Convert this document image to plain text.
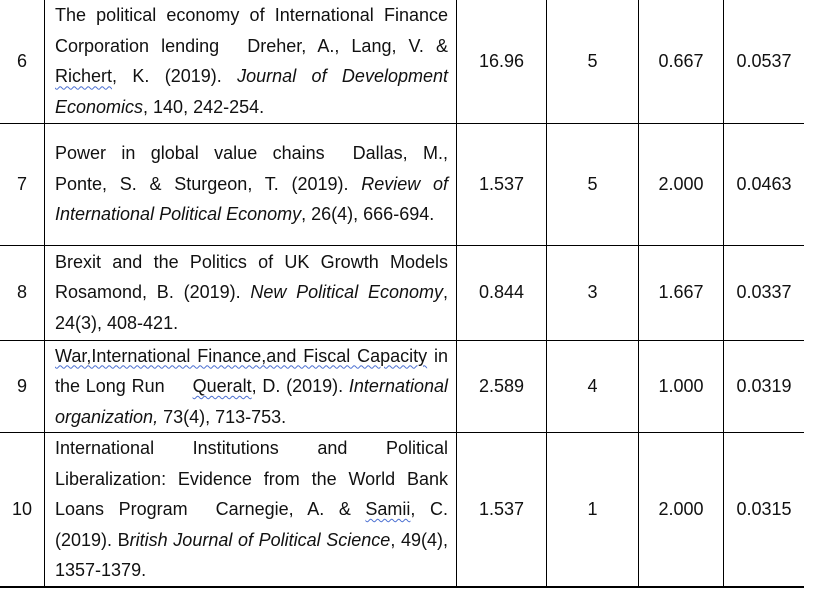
6	The political economy of International Finance Corporation lending Dreher, A., Lang, V. & Richert, K. (2019). Journal of Development Economics, 140, 242-254.	16.96	5	0.667	0.0537
7	Power in global value chains Dallas, M., Ponte, S. & Sturgeon, T. (2019). Review of International Political Economy, 26(4), 666-694.	1.537	5	2.000	0.0463
8	Brexit and the Politics of UK Growth Models Rosamond, B. (2019). New Political Economy, 24(3), 408-421.	0.844	3	1.667	0.0337
9	War,International Finance,and Fiscal Capacity in the Long Run Queralt, D. (2019). International organization, 73(4), 713-753.	2.589	4	1.000	0.0319
10	International Institutions and Political Liberalization: Evidence from the World Bank Loans Program Carnegie, A. & Samii, C. (2019). British Journal of Political Science, 49(4), 1357-1379.	1.537	1	2.000	0.0315
